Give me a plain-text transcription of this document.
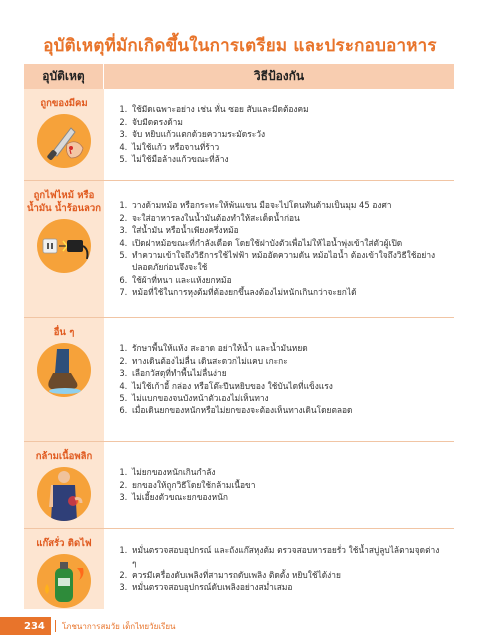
อุบัติเหตุที่มักเกิดขึ้นในการเตรียม และประกอบอาหาร
อุบัติเหตุ	วิธีป้องกัน
ถูกของมีคม
1. ใช้มีดเฉพาะอย่าง เช่น หั่น ซอย สับและมีดต้องคม
2. จับมีดตรงด้าม
3. จับ หยิบแก้วแตกด้วยความระมัดระวัง
4. ไม่ใช้แก้ว หรือจานที่ร้าว
5. ไม่ใช้มือล้างแก้วขณะที่ล้าง
ถูกไฟไหม้ หรือ
น้ำมัน น้ำร้อนลวก
1.	วางด้ามหม้อ หรือกระทะให้พ้นแขน มือจะไปโดนทันด้ามเป็นมุม 45 องศา
2. จะใส่อาหารลงในน้ำมันต้องทำให้สะเด็ดน้ำก่อน
3. ใส่น้ำมัน หรือน้ำเพียงครึ่งหม้อ
4. เปิดฝาหม้อขณะที่กำลังเดือด โดยใช้ฝาบังตัวเพื่อไม่ให้ไอน้ำพุ่งเข้าใส่ตัวผู้เปิด
5. ทำความเข้าใจถึงวิธีการใช้ไฟฟ้า หม้ออัดความดัน หม้อไอน้ำ ต้องเข้าใจถึงวิธีใช้อย่างปลอดภัยก่อนจึงจะใช้
6. ใช้ผ้าที่หนา และแห้งยกหม้อ
7. หม้อที่ใช้ในการหุงต้มที่ต้องยกขึ้นลงต้องไม่หนักเกินกว่าจะยกได้
อื่น ๆ
1. รักษาพื้นให้แห้ง สะอาด อย่าให้น้ำ และน้ำมันหยด
2. ทางเดินต้องไม่ลื่น เดินสะดวกไม่แคบ เกะกะ
3. เลือกวัสดุที่ทำพื้นไม่ลื่นง่าย
4. ไม่ใช้เก้าอี้ กล่อง หรือโต๊ะปีนหยิบของ ใช้บันไดที่แข็งแรง
5. ไม่แบกของจนบังหน้าตัวเองไม่เห็นทาง
6. เมื่อเดินยกของหนักหรือไม่ยกของจะต้องเห็นทางเดินโดยตลอด
กล้ามเนื้อพลิก
1. ไม่ยกของหนักเกินกำลัง
2. ยกของให้ถูกวิธีโดยใช้กล้ามเนื้อขา
3. ไม่เอี้ยงตัวขณะยกของหนัก
แก๊สรั่ว ติดไฟ
1. หมั่นตรวจสอบอุปกรณ์ และถังแก๊สหุงต้ม ตรวจสอบหารอยรั่ว ใช้น้ำสบู่ลูบไล้ตามจุดต่าง ๆ
2. ควรมีเครื่องดับเพลิงที่สามารถดับเพลิง ติดตั้ง หยิบใช้ได้ง่าย
3. หมั่นตรวจสอบอุปกรณ์ดับเพลิงอย่างสม่ำเสมอ
234	โภชนาการสมวัย เด็กไทยวัยเรียน
